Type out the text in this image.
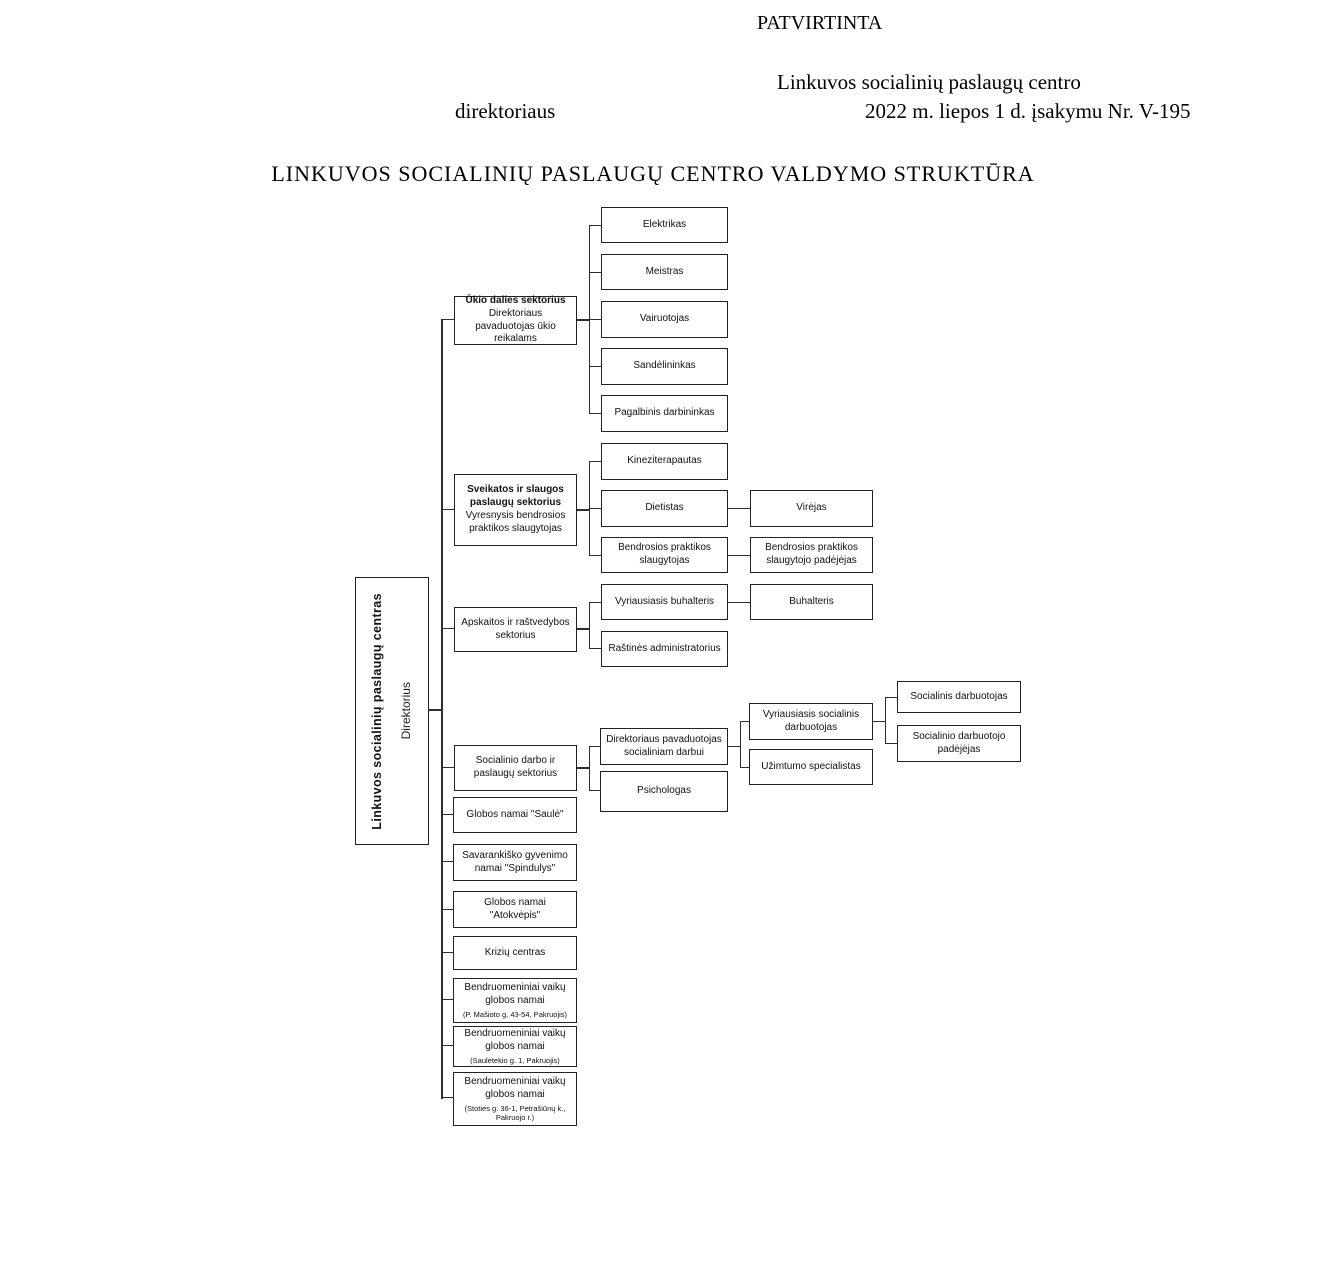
PATVIRTINTA
Linkuvos socialinių paslaugų centro
direktoriaus	2022 m. liepos 1 d. įsakymu Nr. V-195
LINKUVOS SOCIALINIŲ PASLAUGŲ CENTRO VALDYMO STRUKTŪRA
Linkuvos socialinių paslaugų centras Direktorius
Ūkio dalies sektorius
Direktoriaus pavaduotojas ūkio reikalams
Sveikatos ir slaugos paslaugų sektorius
Vyresnysis bendrosios praktikos slaugytojas
Apskaitos ir raštvedybos sektorius
Socialinio darbo ir paslaugų sektorius
Globos namai "Saulė"
Savarankiško gyvenimo namai "Spindulys"
Globos namai "Atokvėpis"
Krizių centras
Bendruomeniniai vaikų globos namai
(P. Mašioto g. 43-54, Pakruojis)
Bendruomeniniai vaikų globos namai
(Saulėtekio g. 1, Pakruojis)
Bendruomeniniai vaikų globos namai
(Stoties g. 36-1, Petrašiūnų k., Pakruojo r.)
Elektrikas
Meistras
Vairuotojas
Sandėlininkas
Pagalbinis darbininkas
Kineziterapautas
Dietistas
Bendrosios praktikos slaugytojas
Virėjas
Bendrosios praktikos slaugytojo padėjėjas
Vyriausiasis buhalteris	Buhalteris
Raštinės administratorius
Direktoriaus pavaduotojas socialiniam darbui
Psichologas
Vyriausiasis socialinis darbuotojas
Užimtumo specialistas
Socialinis darbuotojas
Socialinio darbuotojo padėjėjas
